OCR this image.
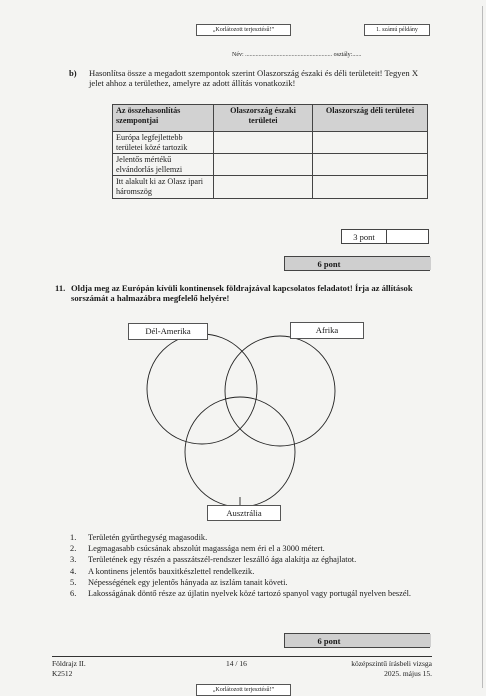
„Korlátozott terjesztésű!”	1. számú példány
Név: .......................................................... osztály:......
b) Hasonlítsa össze a megadott szempontok szerint Olaszország északi és déli területeit! Tegyen X jelet ahhoz a területhez, amelyre az adott állítás vonatkozik!
Az összehasonlítás szempontjai	Olaszország északi területei	Olaszország déli területei
Európa legfejlettebb területei közé tartozik		
Jelentős mértékű elvándorlás jellemzi		
Itt alakult ki az Olasz ipari háromszög		
3 pont
6 pont
11. Oldja meg az Európán kívüli kontinensek földrajzával kapcsolatos feladatot! Írja az állítások sorszámát a halmazábra megfelelő helyére!
Dél-Amerika	Afrika
Ausztrália
1. Területén gyűrthegység magasodik.
2. Legmagasabb csúcsának abszolút magassága nem éri el a 3000 métert.
3. Területének egy részén a passzátszél-rendszer leszálló ága alakítja az éghajlatot.
4. A kontinens jelentős bauxitkészlettel rendelkezik.
5. Népességének egy jelentős hányada az iszlám tanait követi.
6. Lakosságának döntő része az újlatin nyelvek közé tartozó spanyol vagy portugál nyelven beszél.
6 pont
Földrajz II.
K2512
14 / 16	középszintű írásbeli vizsga
2025. május 15.
„Korlátozott terjesztésű!”
